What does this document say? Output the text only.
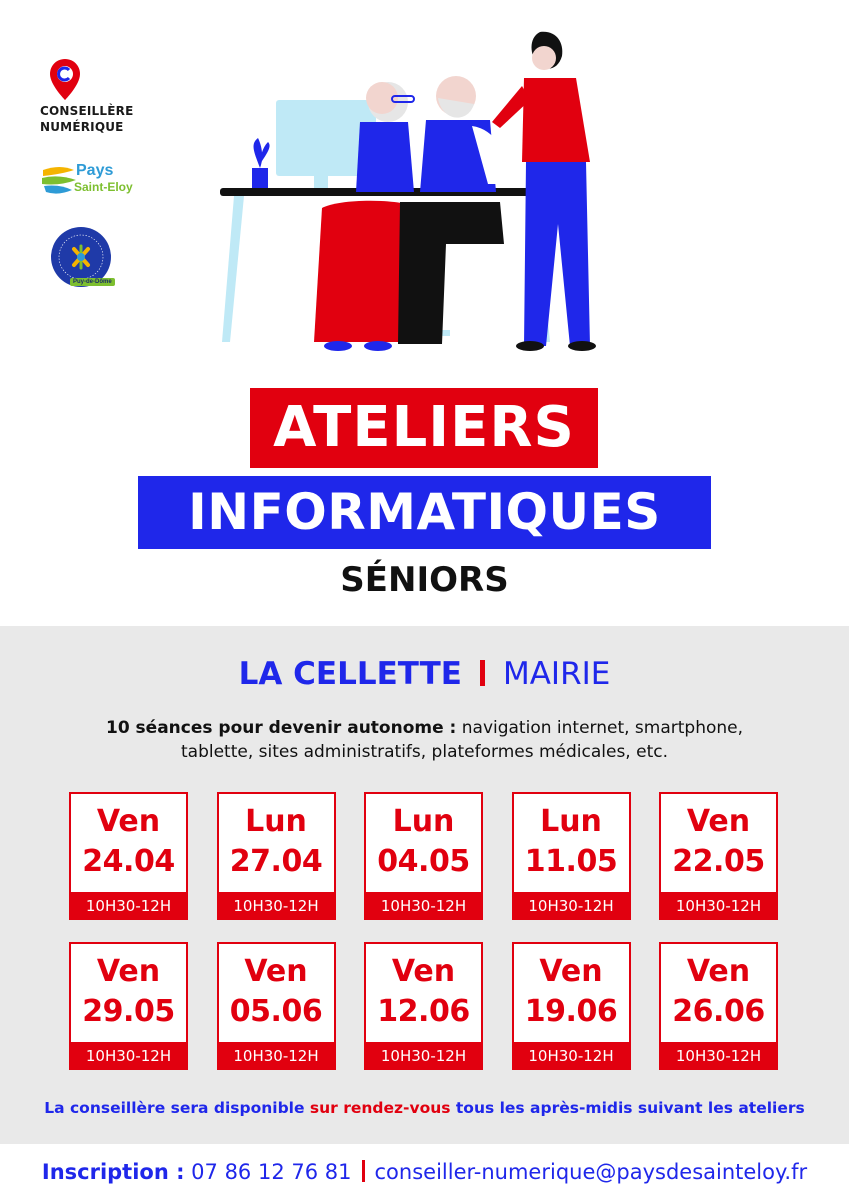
CONSEILLÈRE
NUMÉRIQUE
Pays
Saint-Eloy
Puy-de-Dôme
ATELIERS
INFORMATIQUES
SÉNIORS
LA CELLETTE MAIRIE
10 séances pour devenir autonome : navigation internet, smartphone,
tablette, sites administratifs, plateformes médicales, etc.
Ven
24.04
10H30-12H
Lun
27.04
10H30-12H
Lun
04.05
10H30-12H
Lun
11.05
10H30-12H
Ven
22.05
10H30-12H
Ven
29.05
10H30-12H
Ven
05.06
10H30-12H
Ven
12.06
10H30-12H
Ven
19.06
10H30-12H
Ven
26.06
10H30-12H
La conseillère sera disponible sur rendez-vous tous les après-midis suivant les ateliers
Inscription : 07 86 12 76 81 conseiller-numerique@paysdesainteloy.fr
